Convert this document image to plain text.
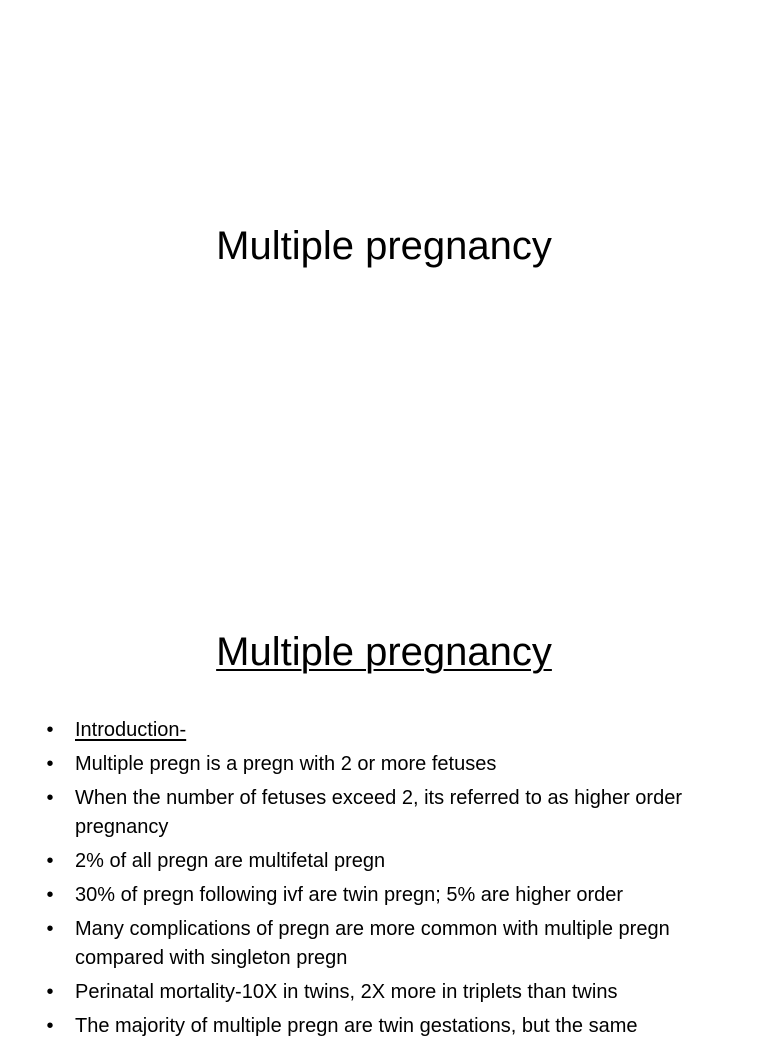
Multiple pregnancy
Multiple pregnancy
• Introduction-
• Multiple pregn is a pregn with 2 or more fetuses
• When the number of fetuses exceed 2, its referred to as higher order pregnancy
• 2% of all pregn are multifetal pregn
• 30% of pregn following ivf are twin pregn; 5% are higher order
• Many complications of pregn are more common with multiple pregn compared with singleton pregn
• Perinatal mortality-10X in twins, 2X more in triplets than twins
• The majority of multiple pregn are twin gestations, but the same
